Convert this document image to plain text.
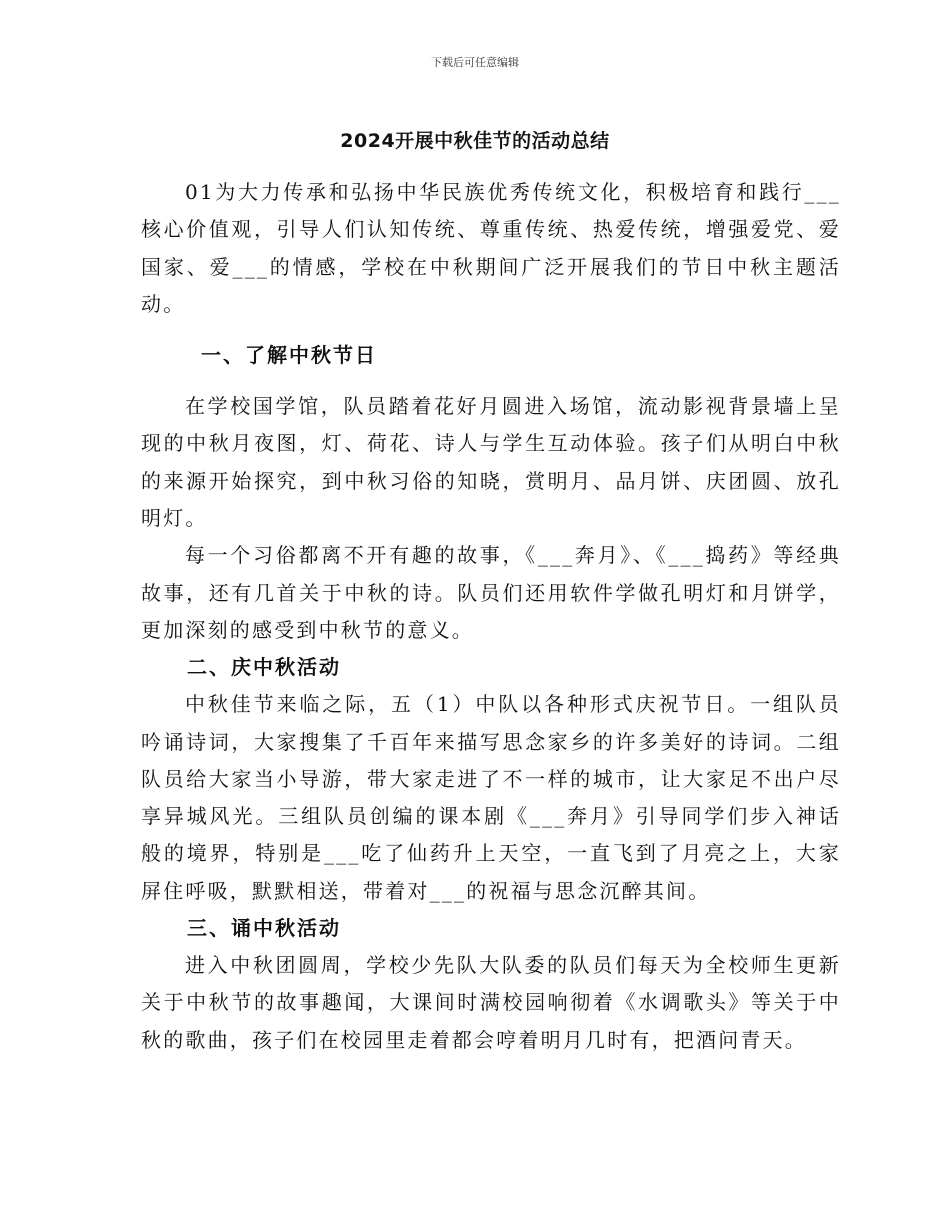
下载后可任意编辑
2024开展中秋佳节的活动总结

01为大力传承和弘扬中华民族优秀传统文化，积极培育和践行___核心价值观，引导人们认知传统、尊重传统、热爱传统，增强爱党、爱国家、爱___的情感，学校在中秋期间广泛开展我们的节日中秋主题活动。

一、了解中秋节日

在学校国学馆，队员踏着花好月圆进入场馆，流动影视背景墙上呈现的中秋月夜图，灯、荷花、诗人与学生互动体验。孩子们从明白中秋的来源开始探究，到中秋习俗的知晓，赏明月、品月饼、庆团圆、放孔明灯。

每一个习俗都离不开有趣的故事，《___奔月》、《___捣药》等经典故事，还有几首关于中秋的诗。队员们还用软件学做孔明灯和月饼学，更加深刻的感受到中秋节的意义。

二、庆中秋活动

中秋佳节来临之际，五（1）中队以各种形式庆祝节日。一组队员吟诵诗词，大家搜集了千百年来描写思念家乡的许多美好的诗词。二组队员给大家当小导游，带大家走进了不一样的城市，让大家足不出户尽享异城风光。三组队员创编的课本剧《___奔月》引导同学们步入神话般的境界，特别是___吃了仙药升上天空，一直飞到了月亮之上，大家屏住呼吸，默默相送，带着对___的祝福与思念沉醉其间。

三、诵中秋活动

进入中秋团圆周，学校少先队大队委的队员们每天为全校师生更新关于中秋节的故事趣闻，大课间时满校园响彻着《水调歌头》等关于中秋的歌曲，孩子们在校园里走着都会哼着明月几时有，把酒问青天。
